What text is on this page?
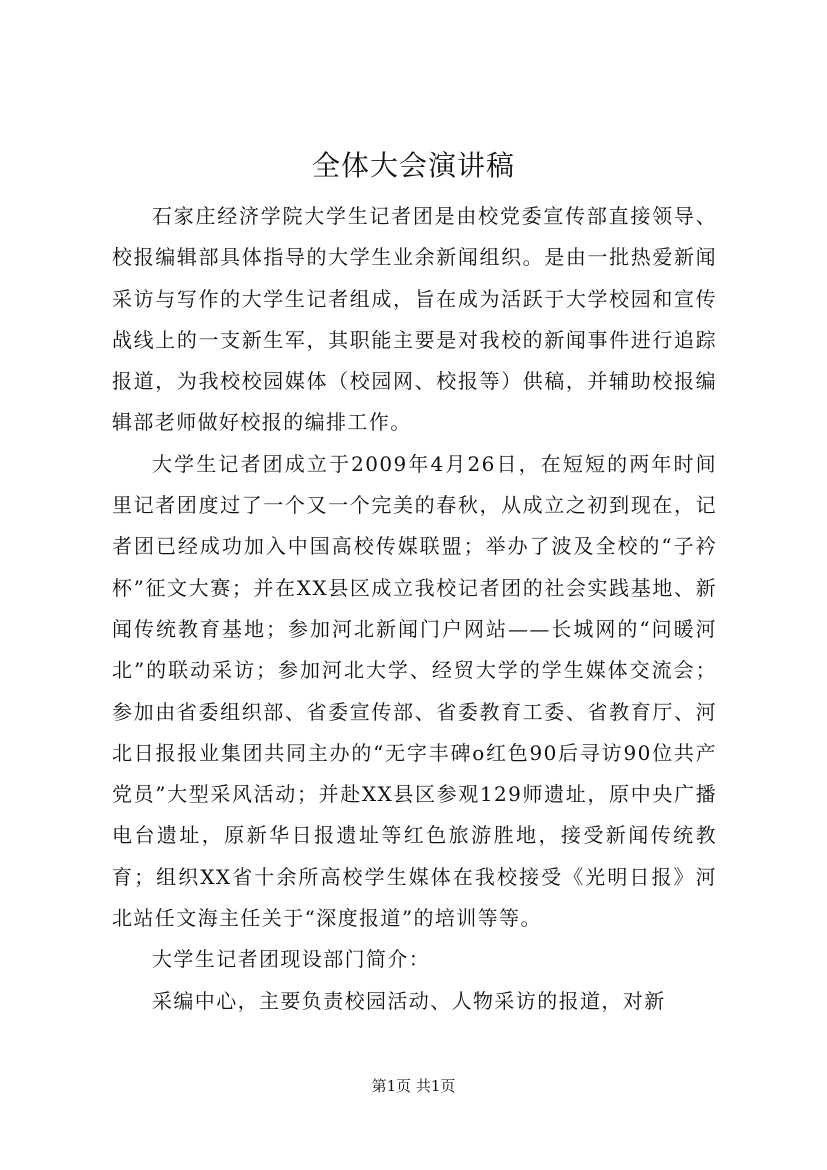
全体大会演讲稿

石家庄经济学院大学生记者团是由校党委宣传部直接领导、校报编辑部具体指导的大学生业余新闻组织。是由一批热爱新闻采访与写作的大学生记者组成，旨在成为活跃于大学校园和宣传战线上的一支新生军，其职能主要是对我校的新闻事件进行追踪报道，为我校校园媒体（校园网、校报等）供稿，并辅助校报编辑部老师做好校报的编排工作。

大学生记者团成立于2009年4月26日，在短短的两年时间里记者团度过了一个又一个完美的春秋，从成立之初到现在，记者团已经成功加入中国高校传媒联盟；举办了波及全校的“子衿杯”征文大赛；并在XX县区成立我校记者团的社会实践基地、新闻传统教育基地；参加河北新闻门户网站——长城网的“问暖河北”的联动采访；参加河北大学、经贸大学的学生媒体交流会；参加由省委组织部、省委宣传部、省委教育工委、省教育厅、河北日报报业集团共同主办的“无字丰碑o红色90后寻访90位共产党员”大型采风活动；并赴XX县区参观129师遗址，原中央广播电台遗址，原新华日报遗址等红色旅游胜地，接受新闻传统教育；组织XX省十余所高校学生媒体在我校接受《光明日报》河北站任文海主任关于“深度报道”的培训等等。

大学生记者团现设部门简介：

采编中心，主要负责校园活动、人物采访的报道，对新

第1页 共1页
